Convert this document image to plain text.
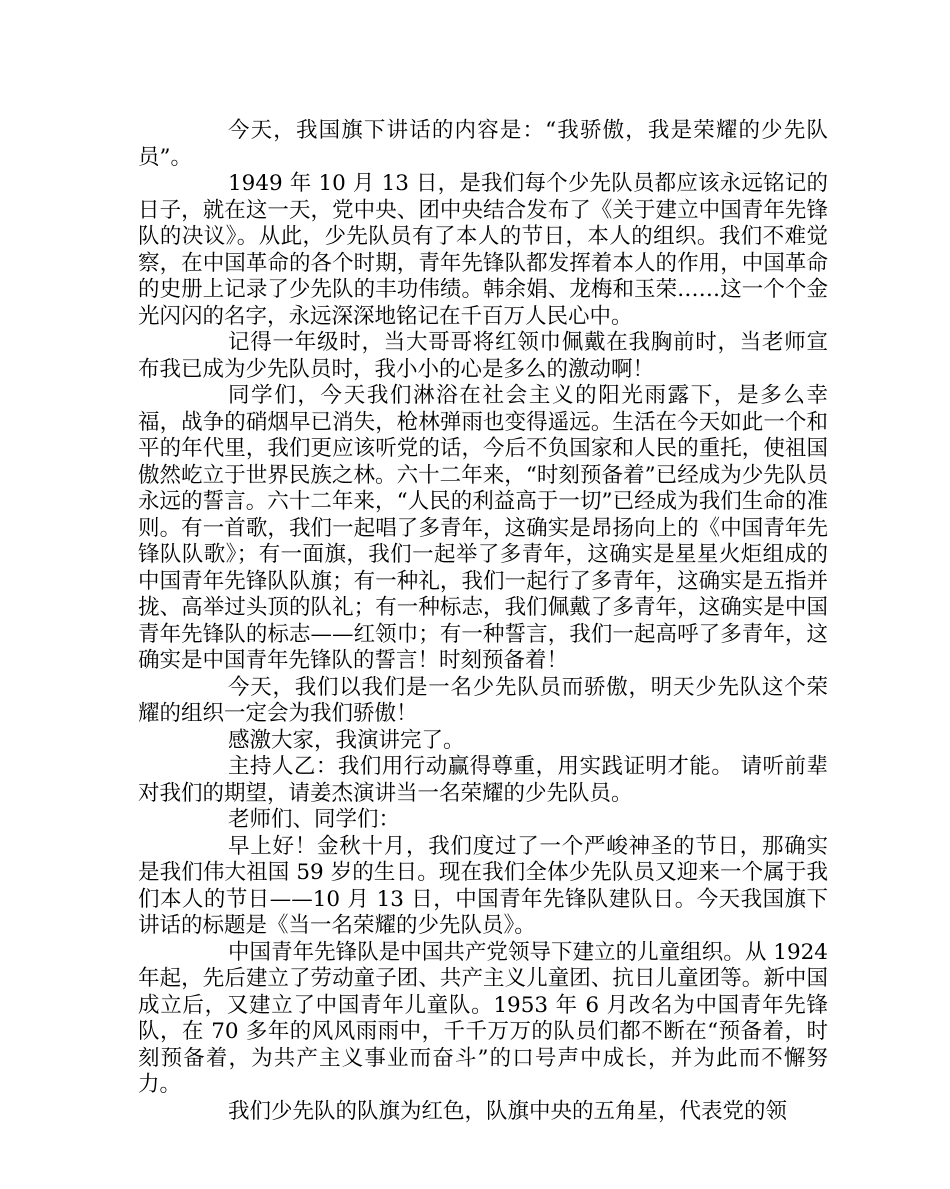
今天，我国旗下讲话的内容是：“我骄傲，我是荣耀的少先队员”。

1949 年 10 月 13 日，是我们每个少先队员都应该永远铭记的日子，就在这一天，党中央、团中央结合发布了《关于建立中国青年先锋队的决议》。从此，少先队员有了本人的节日，本人的组织。我们不难觉察，在中国革命的各个时期，青年先锋队都发挥着本人的作用，中国革命的史册上记录了少先队的丰功伟绩。韩余娟、龙梅和玉荣……这一个个金光闪闪的名字，永远深深地铭记在千百万人民心中。

记得一年级时，当大哥哥将红领巾佩戴在我胸前时，当老师宣布我已成为少先队员时，我小小的心是多么的激动啊！

同学们，今天我们淋浴在社会主义的阳光雨露下，是多么幸福，战争的硝烟早已消失，枪林弹雨也变得遥远。生活在今天如此一个和平的年代里，我们更应该听党的话，今后不负国家和人民的重托，使祖国傲然屹立于世界民族之林。六十二年来，“时刻预备着”已经成为少先队员永远的誓言。六十二年来，“人民的利益高于一切”已经成为我们生命的准则。有一首歌，我们一起唱了多青年，这确实是昂扬向上的《中国青年先锋队队歌》；有一面旗，我们一起举了多青年，这确实是星星火炬组成的中国青年先锋队队旗；有一种礼，我们一起行了多青年，这确实是五指并拢、高举过头顶的队礼；有一种标志，我们佩戴了多青年，这确实是中国青年先锋队的标志——红领巾；有一种誓言，我们一起高呼了多青年，这确实是中国青年先锋队的誓言！时刻预备着！

今天，我们以我们是一名少先队员而骄傲，明天少先队这个荣耀的组织一定会为我们骄傲！

感激大家，我演讲完了。

主持人乙：我们用行动赢得尊重，用实践证明才能。 请听前辈对我们的期望，请姜杰演讲当一名荣耀的少先队员。

老师们、同学们：

早上好！金秋十月，我们度过了一个严峻神圣的节日，那确实是我们伟大祖国 59 岁的生日。现在我们全体少先队员又迎来一个属于我们本人的节日——10 月 13 日，中国青年先锋队建队日。今天我国旗下讲话的标题是《当一名荣耀的少先队员》。

中国青年先锋队是中国共产党领导下建立的儿童组织。从 1924 年起，先后建立了劳动童子团、共产主义儿童团、抗日儿童团等。新中国成立后，又建立了中国青年儿童队。1953 年 6 月改名为中国青年先锋队，在 70 多年的风风雨雨中，千千万万的队员们都不断在“预备着，时刻预备着，为共产主义事业而奋斗”的口号声中成长，并为此而不懈努力。

我们少先队的队旗为红色，队旗中央的五角星，代表党的领
